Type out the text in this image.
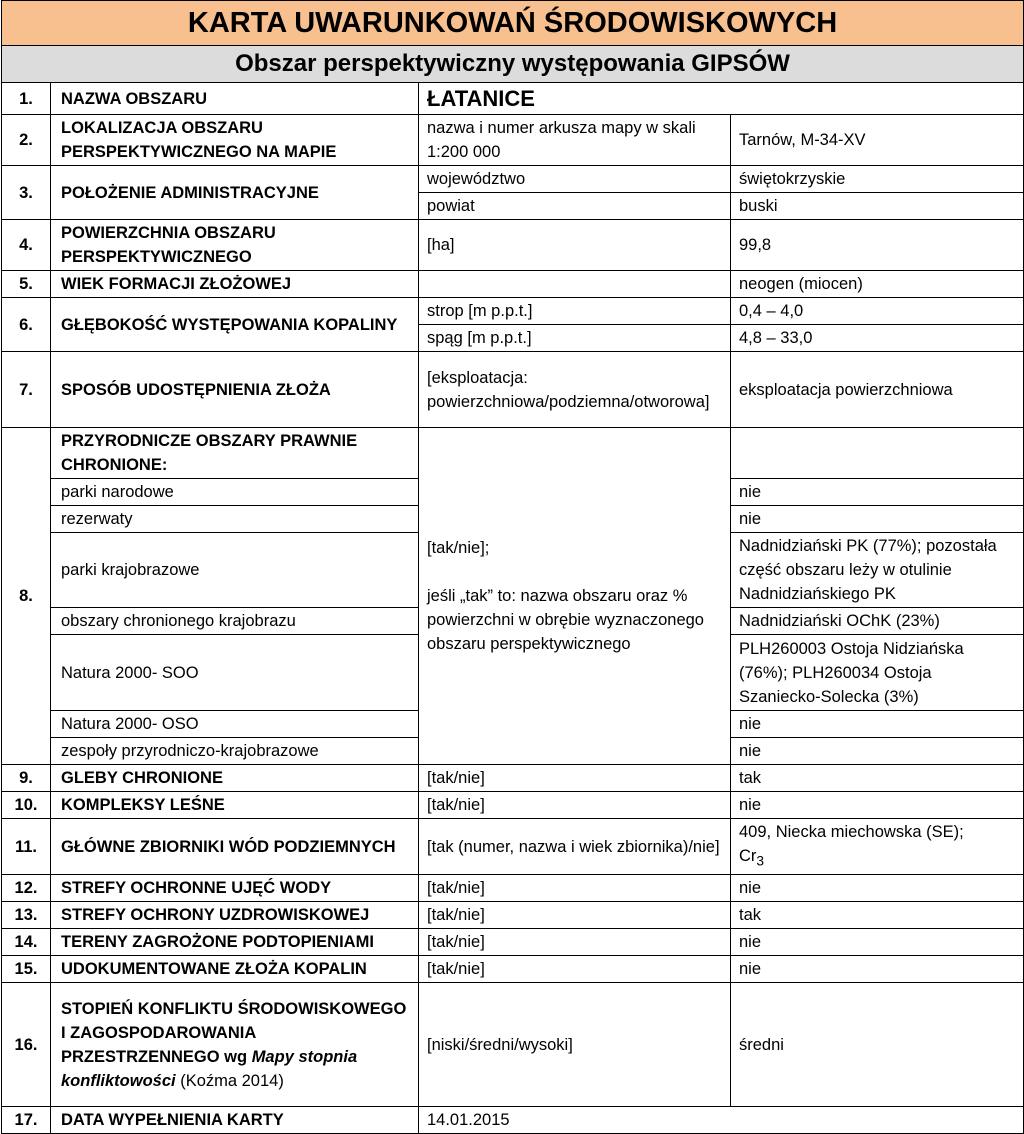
KARTA UWARUNKOWAŃ ŚRODOWISKOWYCH			
Obszar perspektywiczny występowania GIPSÓW			
1.	NAZWA OBSZARU	ŁATANICE	
2.	LOKALIZACJA OBSZARU PERSPEKTYWICZNEGO NA MAPIE	nazwa i numer arkusza mapy w skali 1:200 000	Tarnów, M-34-XV
3.	POŁOŻENIE ADMINISTRACYJNE	województwo	świętokrzyskie
		powiat	buski
4.	POWIERZCHNIA OBSZARU PERSPEKTYWICZNEGO	[ha]	99,8
5.	WIEK FORMACJI ZŁOŻOWEJ		neogen (miocen)
6.	GŁĘBOKOŚĆ WYSTĘPOWANIA KOPALINY	strop [m p.p.t.]	0,4 – 4,0
		spąg [m p.p.t.]	4,8 – 33,0
7.	SPOSÓB UDOSTĘPNIENIA ZŁOŻA	[eksploatacja: powierzchniowa/podziemna/otworowa]	eksploatacja powierzchniowa
8.	PRZYRODNICZE OBSZARY PRAWNIE CHRONIONE:	[tak/nie];
jeśli „tak” to: nazwa obszaru oraz % powierzchni w obrębie wyznaczonego obszaru perspektywicznego	

	parki narodowe		nie
	rezerwaty		nie
	parki krajobrazowe		Nadnidziański PK (77%); pozostała część obszaru leży w otulinie Nadnidziańskiego PK
	obszary chronionego krajobrazu		Nadnidziański OChK (23%)
	Natura 2000- SOO		PLH260003 Ostoja Nidziańska (76%); PLH260034 Ostoja Szaniecko-Solecka (3%)
	Natura 2000- OSO		nie
	zespoły przyrodniczo-krajobrazowe		nie
9.	GLEBY CHRONIONE	[tak/nie]	tak
10.	KOMPLEKSY LEŚNE	[tak/nie]	nie
11.	GŁÓWNE ZBIORNIKI WÓD PODZIEMNYCH	[tak (numer, nazwa i wiek zbiornika)/nie]	409, Niecka miechowska (SE);
$Cr_3$

12.	STREFY OCHRONNE UJĘĆ WODY	[tak/nie]	nie
13.	STREFY OCHRONY UZDROWISKOWEJ	[tak/nie]	tak
14.	TERENY ZAGROŻONE PODTOPIENIAMI	[tak/nie]	nie
15.	UDOKUMENTOWANE ZŁOŻA KOPALIN	[tak/nie]	nie
16.	STOPIEŃ KONFLIKTU ŚRODOWISKOWEGO I ZAGOSPODAROWANIA PRZESTRZENNEGO wg Mapy stopnia konfliktowości (Koźma 2014)	[niski/średni/wysoki]	średni
17.	DATA WYPEŁNIENIA KARTY	14.01.2015	
